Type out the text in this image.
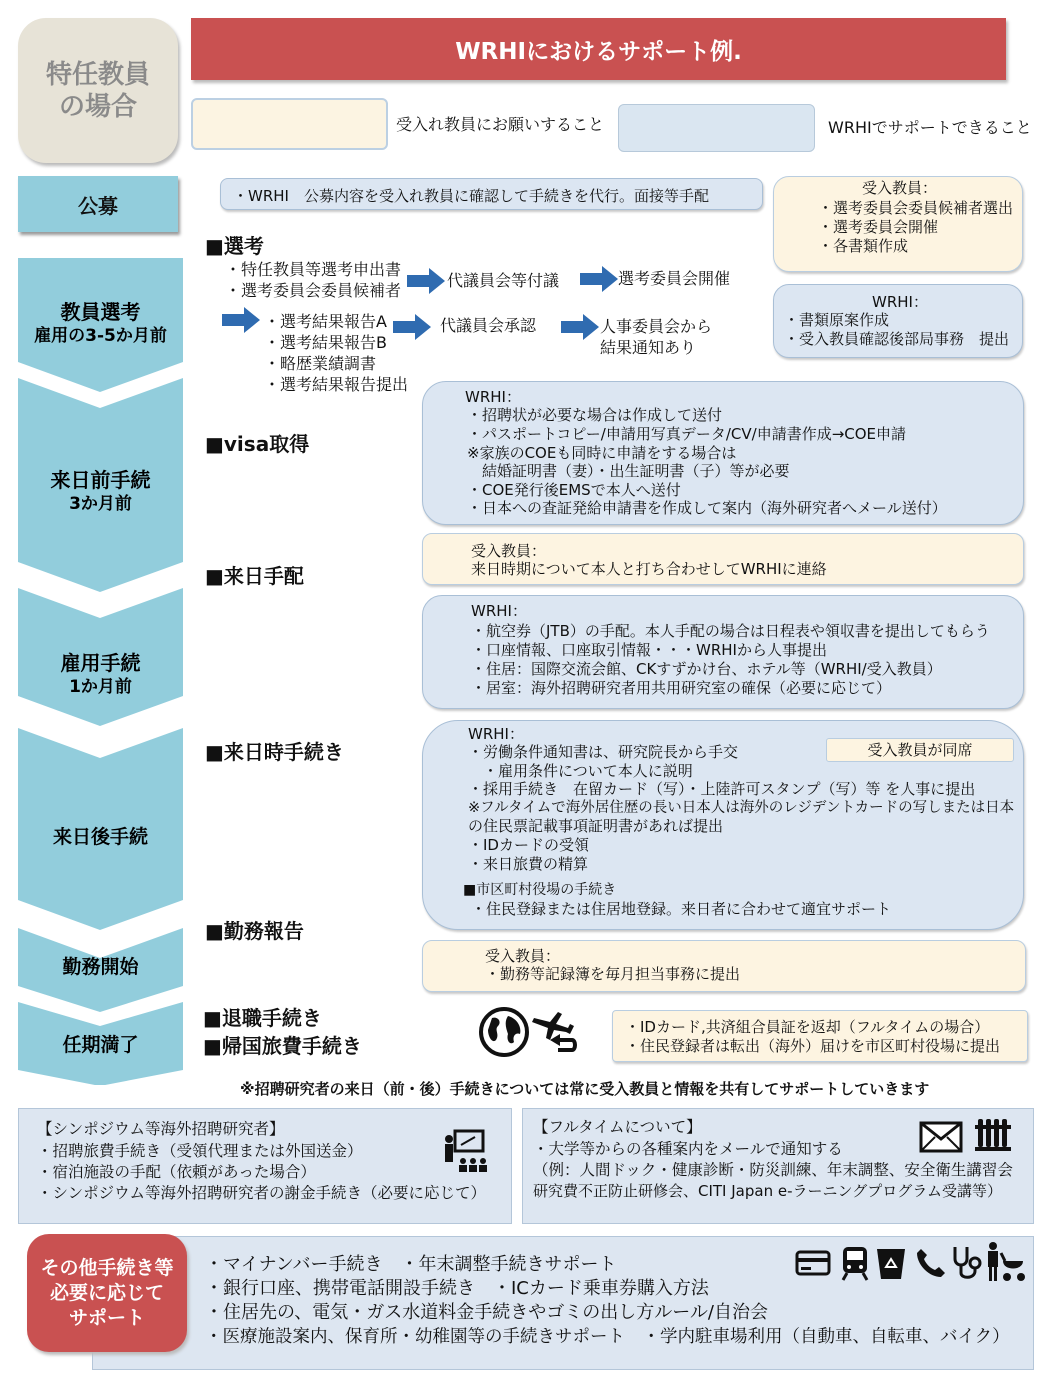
特任教員
の場合
WRHIにおけるサポート例.
受入れ教員にお願いすること	WRHIでサポートできること
公募
教員選考
雇用の3-5か月前
来日前手続
3か月前
雇用手続
1か月前
来日後手続
勤務開始
任期満了
・WRHI　公募内容を受入れ教員に確認して手続きを代行。面接等手配	受入教員：
・選考委員会委員候補者選出
・選考委員会開催
・各書類作成
■選考
・特任教員等選考申出書
・選考委員会委員候補者
代議員会等付議	選考委員会開催
・選考結果報告A
・選考結果報告B
・略歴業績調書
・選考結果報告提出
代議員会承認	人事委員会から
結果通知あり
WRHI：
・書類原案作成
・受入教員確認後部局事務　提出
■visa取得
WRHI：
・招聘状が必要な場合は作成して送付
・パスポートコピー/申請用写真データ/CV/申請書作成→COE申請
※家族のCOEも同時に申請をする場合は
　結婚証明書（妻）・出生証明書（子）等が必要
・COE発行後EMSで本人へ送付
・日本への査証発給申請書を作成して案内（海外研究者へメール送付）
■来日手配
受入教員：
来日時期について本人と打ち合わせしてWRHIに連絡
WRHI：
・航空券（JTB）の手配。本人手配の場合は日程表や領収書を提出してもらう
・口座情報、口座取引情報・・・WRHIから人事提出
・住居：国際交流会館、CKすずかけ台、ホテル等（WRHI/受入教員）
・居室：海外招聘研究者用共用研究室の確保（必要に応じて）
■来日時手続き
WRHI：
受入教員が同席
・労働条件通知書は、研究院長から手交
　・雇用条件について本人に説明
・採用手続き　在留カード（写）・上陸許可スタンプ（写）等 を人事に提出
※フルタイムで海外居住歴の長い日本人は海外のレジデントカードの写しまたは日本
の住民票記載事項証明書があれば提出
・IDカードの受領
・来日旅費の精算
■市区町村役場の手続き
・住民登録または住居地登録。来日者に合わせて適宜サポート
■勤務報告
受入教員：
・勤務等記録簿を毎月担当事務に提出
■退職手続き
■帰国旅費手続き
・IDカード,共済組合員証を返却（フルタイムの場合）
・住民登録者は転出（海外）届けを市区町村役場に提出
※招聘研究者の来日（前・後）手続きについては常に受入教員と情報を共有してサポートしていきます
【シンポジウム等海外招聘研究者】
・招聘旅費手続き（受領代理または外国送金）
・宿泊施設の手配（依頼があった場合）
・シンポジウム等海外招聘研究者の謝金手続き（必要に応じて）
【フルタイムについて】
・大学等からの各種案内をメールで通知する
（例：人間ドック・健康診断・防災訓練、年末調整、安全衛生講習会
研究費不正防止研修会、CITI Japan e-ラーニングプログラム受講等）
・マイナンバー手続き　・年末調整手続きサポート
・銀行口座、携帯電話開設手続き　・ICカード乗車券購入方法
・住居先の、電気・ガス水道料金手続きやゴミの出し方ルール/自治会
・医療施設案内、保育所・幼稚園等の手続きサポート　・学内駐車場利用（自動車、自転車、バイク）
その他手続き等
必要に応じて
サポート
